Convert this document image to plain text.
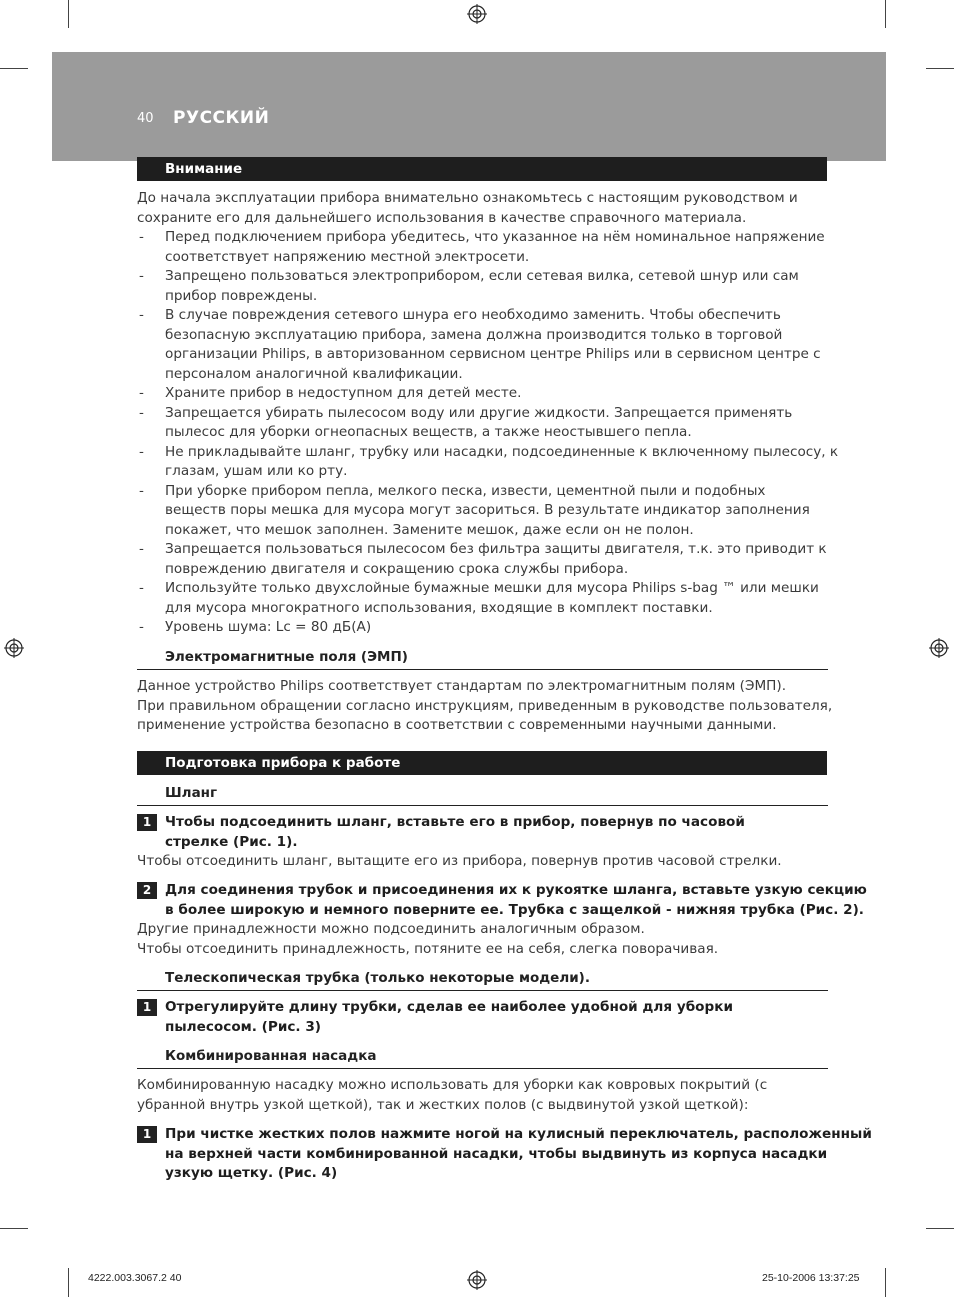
40 РУССКИЙ
Внимание
До начала эксплуатации прибора внимательно ознакомьтесь с настоящим руководством и
сохраните его для дальнейшего использования в качестве справочного материала.
- Перед подключением прибора убедитесь, что указанное на нём номинальное напряжение
соответствует напряжению местной электросети.
- Запрещено пользоваться электроприбором, если сетевая вилка, сетевой шнур или сам
прибор повреждены.
- В случае повреждения сетевого шнура его необходимо заменить. Чтобы обеспечить
безопасную эксплуатацию прибора, замена должна производится только в торговой
организации Philips, в авторизованном сервисном центре Philips или в сервисном центре с
персоналом аналогичной квалификации.
- Храните прибор в недоступном для детей месте.
- Запрещается убирать пылесосом воду или другие жидкости. Запрещается применять
пылесос для уборки огнеопасных веществ, а также неостывшего пепла.
- Не прикладывайте шланг, трубку или насадки, подсоединенные к включенному пылесосу, к
глазам, ушам или ко рту.
- При уборке прибором пепла, мелкого песка, извести, цементной пыли и подобных
веществ поры мешка для мусора могут засориться. В результате индикатор заполнения
покажет, что мешок заполнен. Замените мешок, даже если он не полон.
- Запрещается пользоваться пылесосом без фильтра защиты двигателя, т.к. это приводит к
повреждению двигателя и сокращению срока службы прибора.
- Используйте только двухслойные бумажные мешки для мусора Philips s-bag ™ или мешки
для мусора многократного использования, входящие в комплект поставки.
- Уровень шума: Lc = 80 дБ(А)
Электромагнитные поля (ЭМП)
Данное устройство Philips соответствует стандартам по электромагнитным полям (ЭМП).
При правильном обращении согласно инструкциям, приведенным в руководстве пользователя,
применение устройства безопасно в соответствии с современными научными данными.
Подготовка прибора к работе
Шланг
1	Чтобы подсоединить шланг, вставьте его в прибор, повернув по часовой
стрелке (Рис. 1).
Чтобы отсоединить шланг, вытащите его из прибора, повернув против часовой стрелки.
2	Для соединения трубок и присоединения их к рукоятке шланга, вставьте узкую секцию
в более широкую и немного поверните ее. Трубка с защелкой - нижняя трубка (Рис. 2).
Другие принадлежности можно подсоединить аналогичным образом.
Чтобы отсоединить принадлежность, потяните ее на себя, слегка поворачивая.
Телескопическая трубка (только некоторые модели).
1	Отрегулируйте длину трубки, сделав ее наиболее удобной для уборки
пылесосом. (Рис. 3)
Комбинированная насадка
Комбинированную насадку можно использовать для уборки как ковровых покрытий (с
убранной внутрь узкой щеткой), так и жестких полов (с выдвинутой узкой щеткой):
1	При чистке жестких полов нажмите ногой на кулисный переключатель, расположенный
на верхней части комбинированной насадки, чтобы выдвинуть из корпуса насадки
узкую щетку. (Рис. 4)
4222.003.3067.2 40	25-10-2006 13:37:25
